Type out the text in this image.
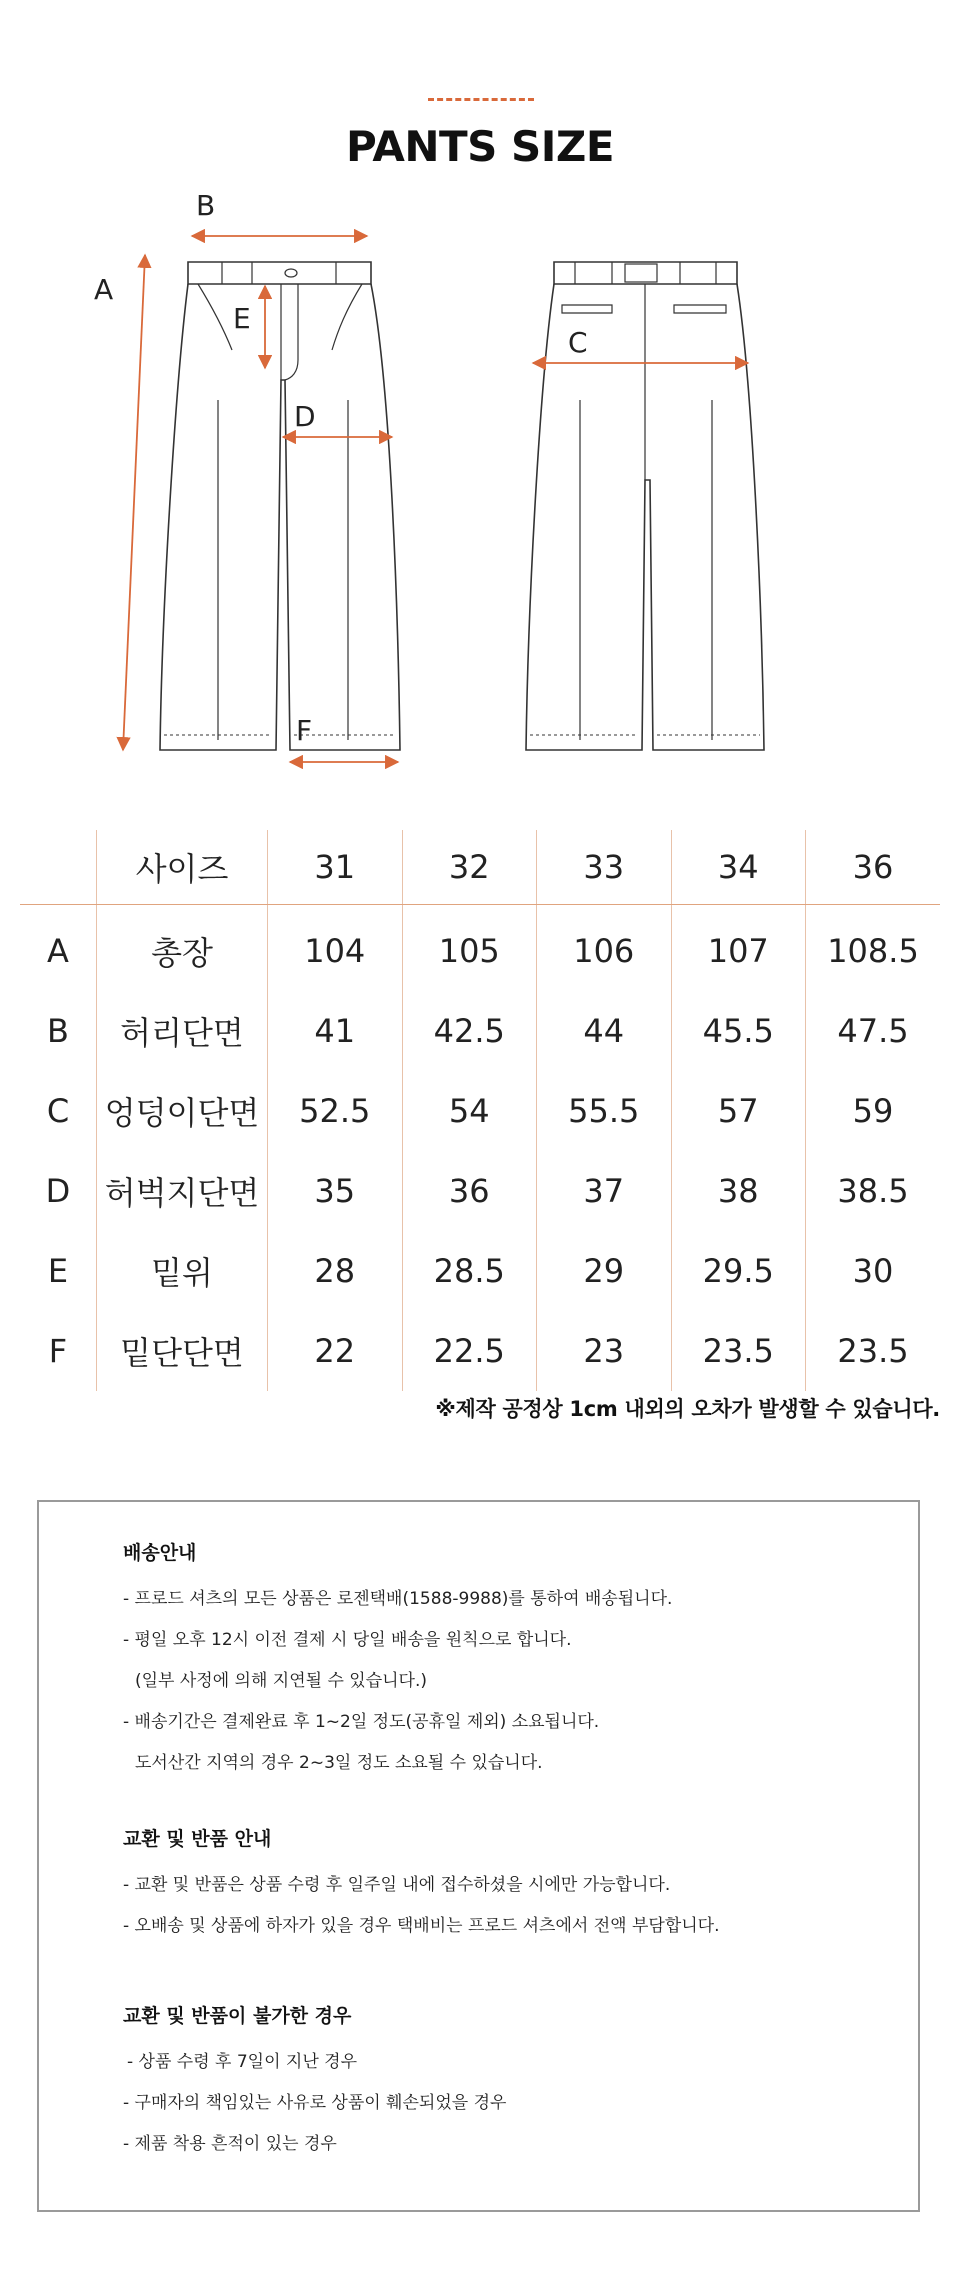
PANTS SIZE
A
B
C
D
E
F
	사이즈	31	32	33	34	36
A	총장	104	105	106	107	108.5
B	허리단면	41	42.5	44	45.5	47.5
C	엉덩이단면	52.5	54	55.5	57	59
D	허벅지단면	35	36	37	38	38.5
E	밑위	28	28.5	29	29.5	30
F	밑단단면	22	22.5	23	23.5	23.5
※제작 공정상 1cm 내외의 오차가 발생할 수 있습니다.
배송안내
- 프로드 셔츠의 모든 상품은 로젠택배(1588-9988)를 통하여 배송됩니다.
- 평일 오후 12시 이전 결제 시 당일 배송을 원칙으로 합니다.
(일부 사정에 의해 지연될 수 있습니다.)
- 배송기간은 결제완료 후 1~2일 정도(공휴일 제외) 소요됩니다.
도서산간 지역의 경우 2~3일 정도 소요될 수 있습니다.
교환 및 반품 안내
- 교환 및 반품은 상품 수령 후 일주일 내에 접수하셨을 시에만 가능합니다.
- 오배송 및 상품에 하자가 있을 경우 택배비는 프로드 셔츠에서 전액 부담합니다.
교환 및 반품이 불가한 경우
- 상품 수령 후 7일이 지난 경우
- 구매자의 책임있는 사유로 상품이 훼손되었을 경우
- 제품 착용 흔적이 있는 경우
